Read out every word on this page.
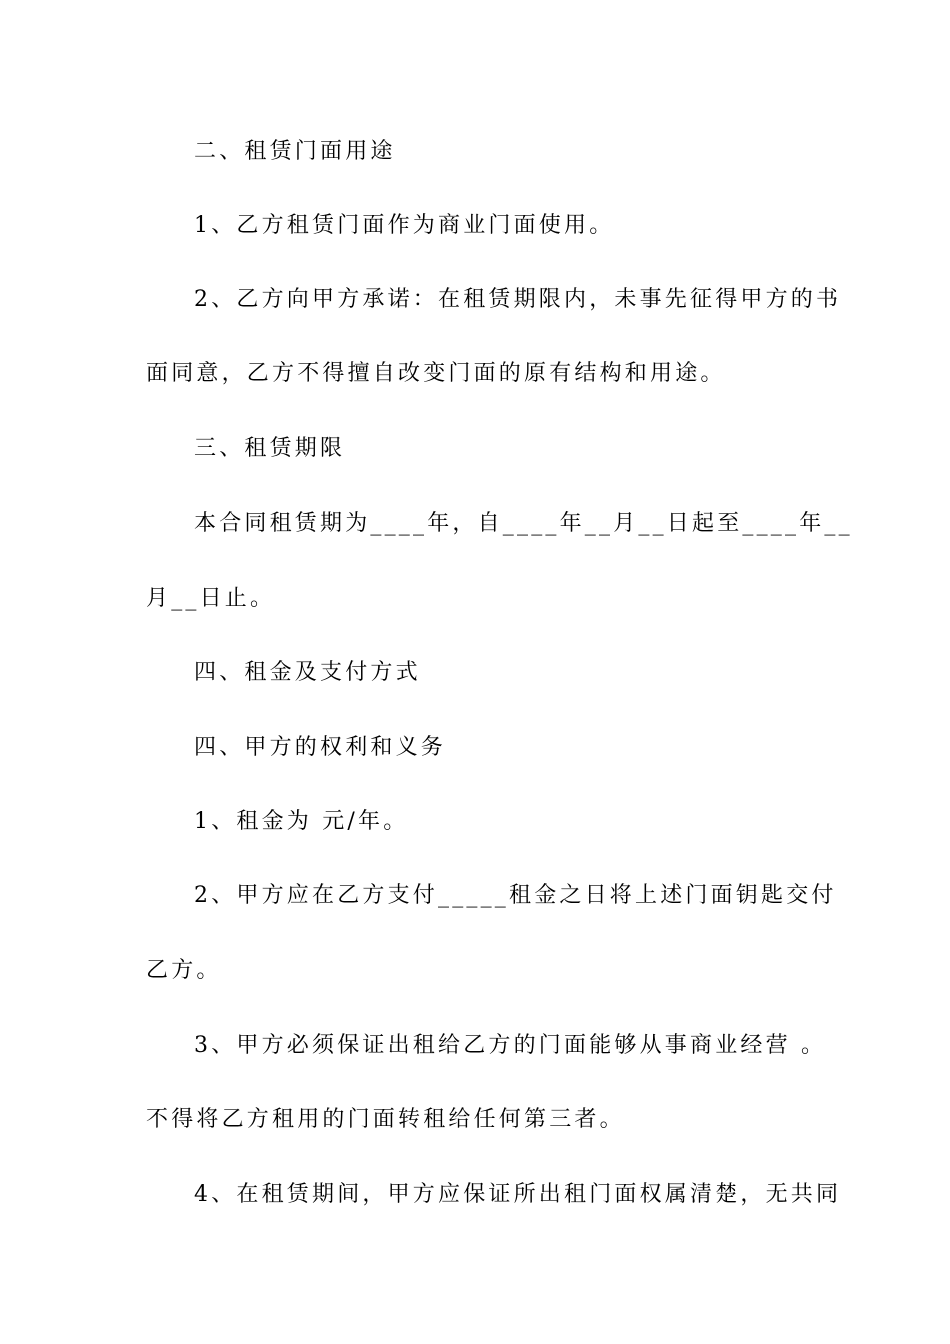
二、租赁门面用途
1、乙方租赁门面作为商业门面使用。
2、乙方向甲方承诺：在租赁期限内，未事先征得甲方的书
面同意，乙方不得擅自改变门面的原有结构和用途。
三、租赁期限
本合同租赁期为____年，自____年__月__日起至____年__
月__日止。
四、租金及支付方式
四、甲方的权利和义务
1、租金为 元/年。
2、甲方应在乙方支付_____租金之日将上述门面钥匙交付
乙方。
3、甲方必须保证出租给乙方的门面能够从事商业经营 。
不得将乙方租用的门面转租给任何第三者。
4、在租赁期间，甲方应保证所出租门面权属清楚，无共同
